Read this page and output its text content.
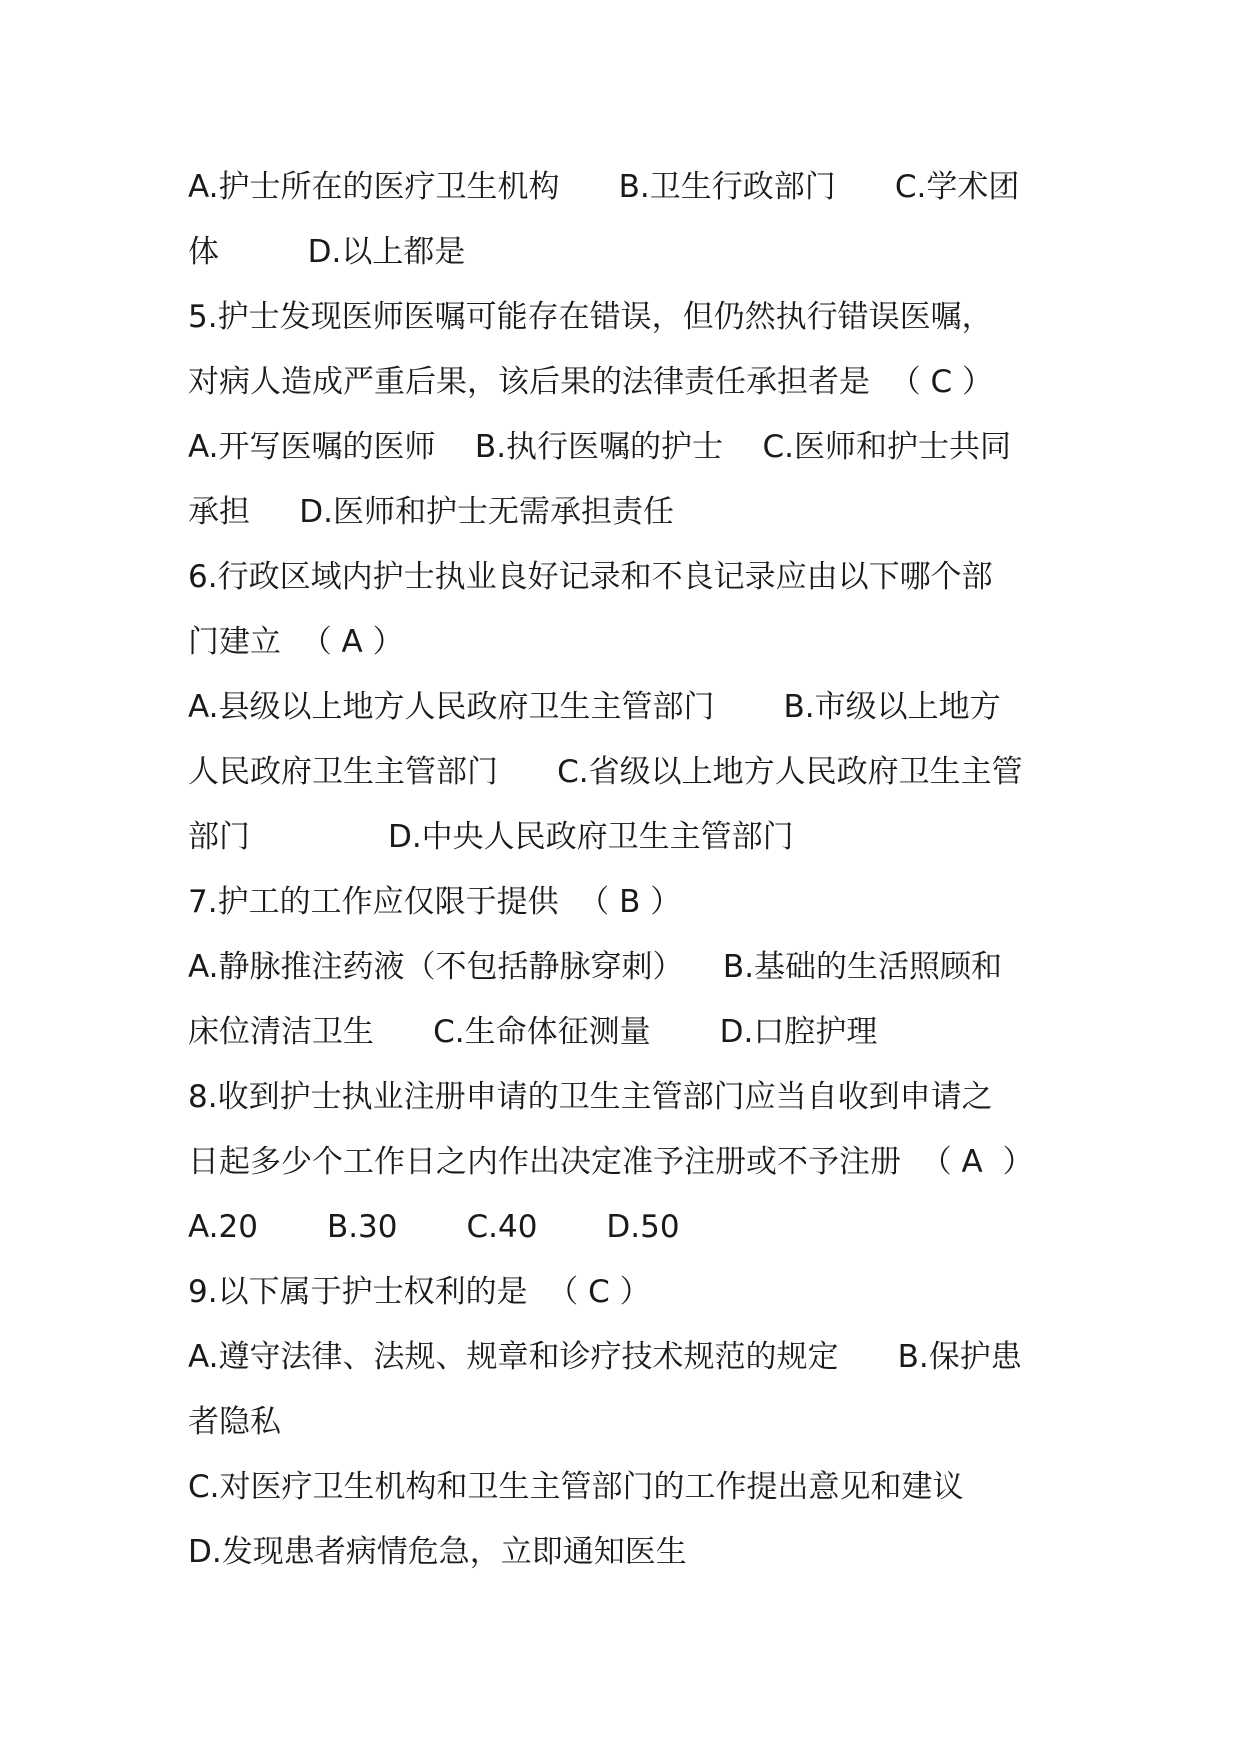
A.护士所在的医疗卫生机构      B.卫生行政部门      C.学术团
体         D.以上都是
5.护士发现医师医嘱可能存在错误，但仍然执行错误医嘱，
对病人造成严重后果，该后果的法律责任承担者是  （ C ）
A.开写医嘱的医师    B.执行医嘱的护士    C.医师和护士共同
承担     D.医师和护士无需承担责任
6.行政区域内护士执业良好记录和不良记录应由以下哪个部
门建立  （ A ）
A.县级以上地方人民政府卫生主管部门       B.市级以上地方
人民政府卫生主管部门      C.省级以上地方人民政府卫生主管
部门              D.中央人民政府卫生主管部门
7.护工的工作应仅限于提供  （ B ）
A.静脉推注药液（不包括静脉穿刺）    B.基础的生活照顾和
床位清洁卫生      C.生命体征测量       D.口腔护理
8.收到护士执业注册申请的卫生主管部门应当自收到申请之
日起多少个工作日之内作出决定准予注册或不予注册  （ A  ）
A.20       B.30       C.40       D.50
9.以下属于护士权利的是  （ C ）
A.遵守法律、法规、规章和诊疗技术规范的规定      B.保护患
者隐私
C.对医疗卫生机构和卫生主管部门的工作提出意见和建议
D.发现患者病情危急，立即通知医生
